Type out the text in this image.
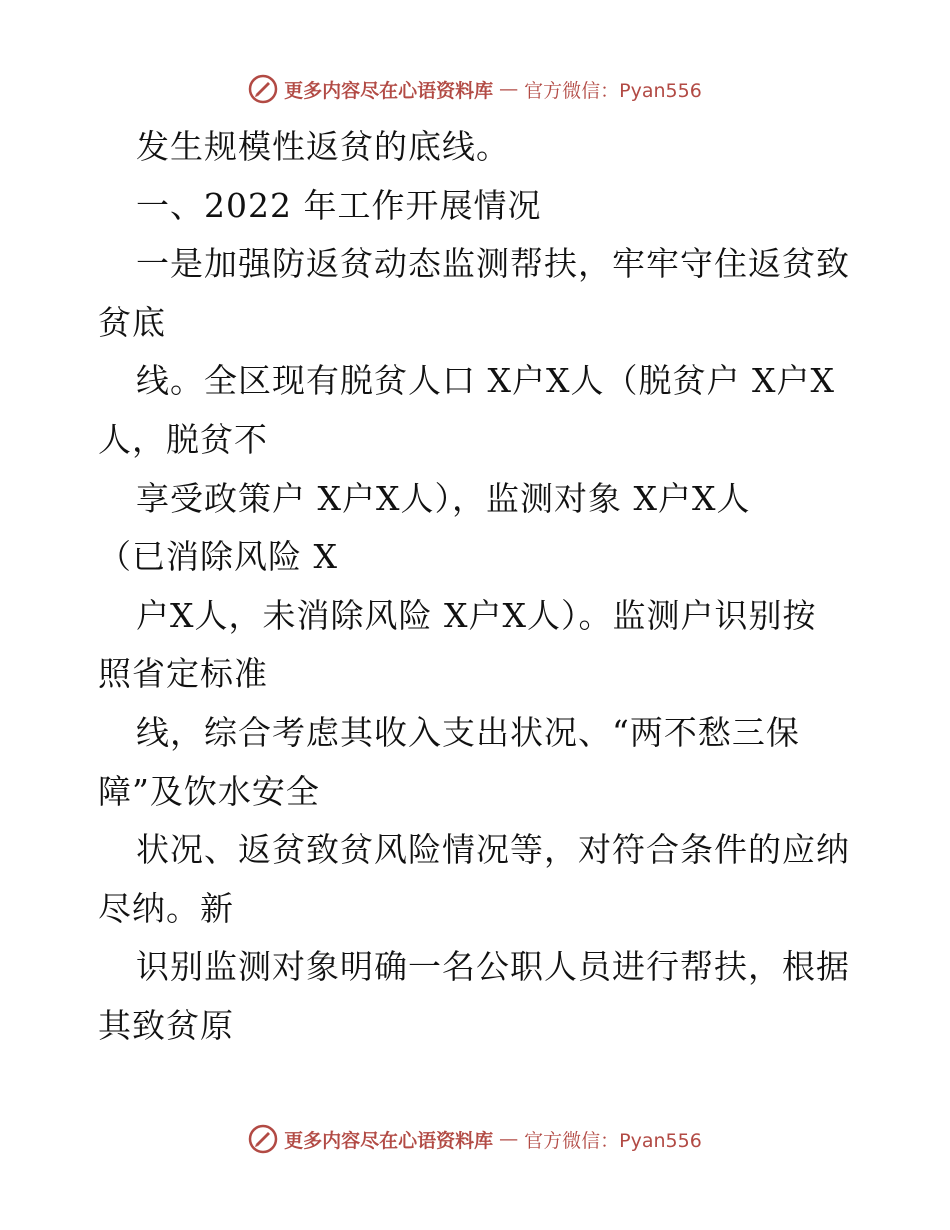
更多内容尽在心语资料库 — 官方微信：Pyan556
发生规模性返贫的底线。
一、2022 年工作开展情况
一是加强防返贫动态监测帮扶，牢牢守住返贫致
贫底
线。全区现有脱贫人口 X户X人（脱贫户 X户X
人，脱贫不
享受政策户 X户X人），监测对象 X户X人
（已消除风险 X
户X人，未消除风险 X户X人）。监测户识别按
照省定标准
线，综合考虑其收入支出状况、“两不愁三保
障”及饮水安全
状况、返贫致贫风险情况等，对符合条件的应纳
尽纳。新
识别监测对象明确一名公职人员进行帮扶，根据
其致贫原
更多内容尽在心语资料库 — 官方微信：Pyan556
